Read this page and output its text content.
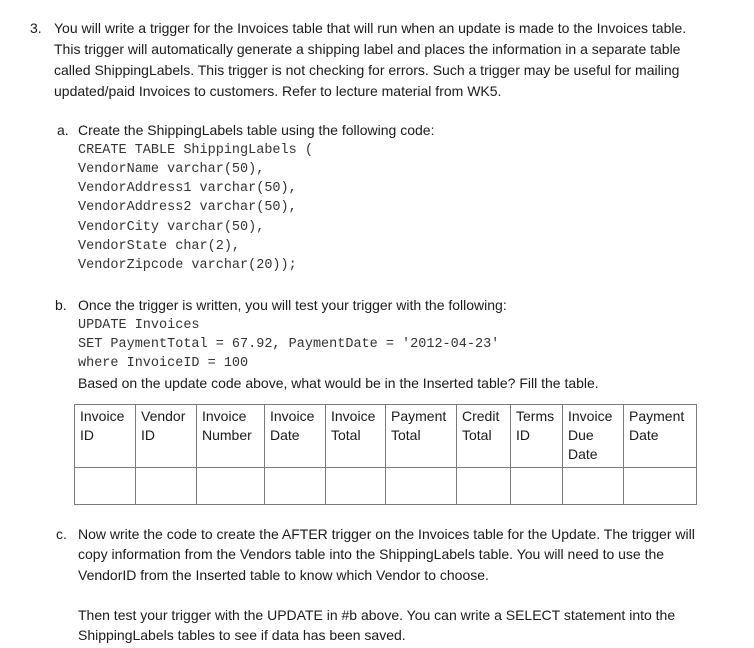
3. You will write a trigger for the Invoices table that will run when an update is made to the Invoices table.
This trigger will automatically generate a shipping label and places the information in a separate table
called ShippingLabels. This trigger is not checking for errors. Such a trigger may be useful for mailing
updated/paid Invoices to customers. Refer to lecture material from WK5.
a. Create the ShippingLabels table using the following code:
CREATE TABLE ShippingLabels (
VendorName varchar(50),
VendorAddress1 varchar(50),
VendorAddress2 varchar(50),
VendorCity varchar(50),
VendorState char(2),
VendorZipcode varchar(20));
b. Once the trigger is written, you will test your trigger with the following:
UPDATE Invoices
SET PaymentTotal = 67.92, PaymentDate = '2012-04-23'
where InvoiceID = 100
Based on the update code above, what would be in the Inserted table? Fill the table.
Invoice ID	Vendor ID	Invoice Number	Invoice Date	Invoice Total	Payment Total	Credit Total	Terms ID	Invoice Due Date	Payment Date

c. Now write the code to create the AFTER trigger on the Invoices table for the Update. The trigger will
copy information from the Vendors table into the ShippingLabels table. You will need to use the
VendorID from the Inserted table to know which Vendor to choose.
Then test your trigger with the UPDATE in #b above. You can write a SELECT statement into the
ShippingLabels tables to see if data has been saved.
